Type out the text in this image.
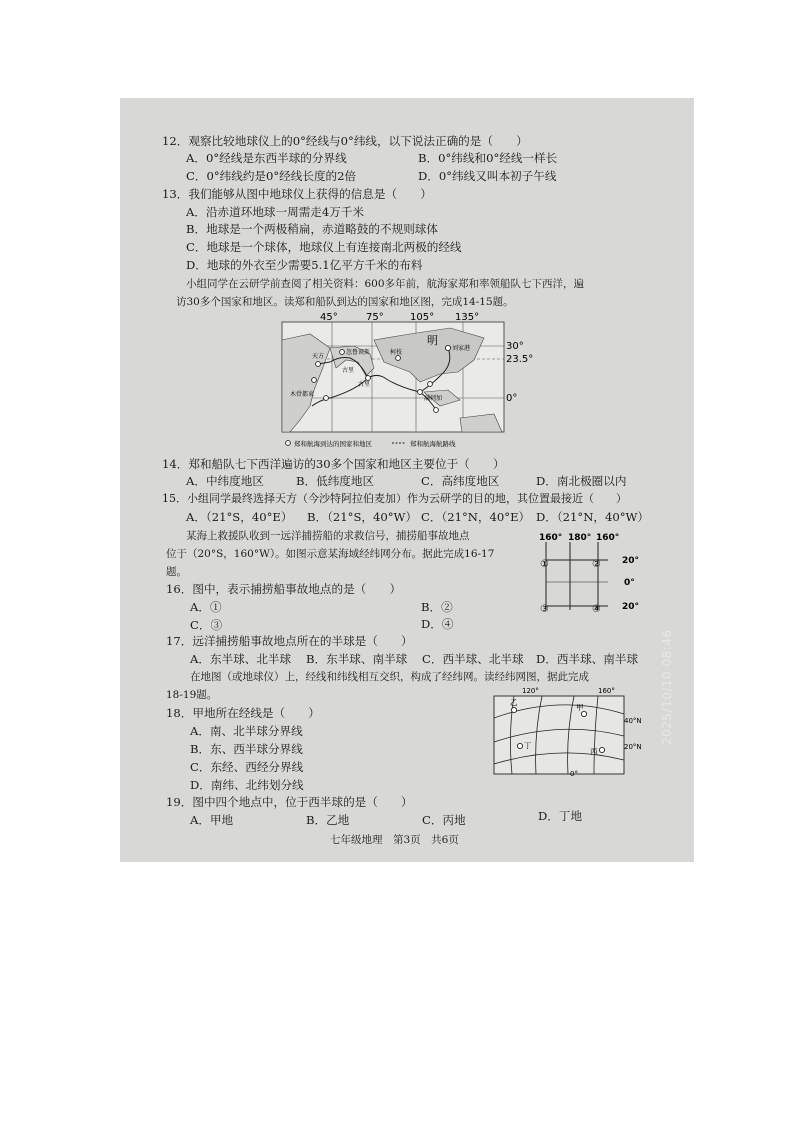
12．观察比较地球仪上的0°经线与0°纬线，以下说法正确的是（　　）
A．0°经线是东西半球的分界线	B．0°纬线和0°经线一样长
C．0°纬线约是0°经线长度的2倍	D．0°纬线又叫本初子午线
13．我们能够从图中地球仪上获得的信息是（　　）
A．沿赤道环地球一周需走4万千米
B．地球是一个两极稍扁，赤道略鼓的不规则球体
C．地球是一个球体，地球仪上有连接南北两极的经线
D．地球的外衣至少需要5.1亿平方千米的布料
小组同学在云研学前查阅了相关资料：600多年前，航海家郑和率领船队七下西洋，遍
访30多个国家和地区。读郑和船队到达的国家和地区图，完成14-15题。
45°	75°	105° 135°
30°
23.5°
0°
明
刘家港
天方
忽鲁谟斯	柯枝
古里
木骨都束
满剌加
古里
郑和航海到达的国家和地区	郑和航海航路线
14．郑和船队七下西洋遍访的30多个国家和地区主要位于（　　）
A．中纬度地区	B．低纬度地区	C．高纬度地区	D．南北极圈以内
15．小组同学最终选择天方（今沙特阿拉伯麦加）作为云研学的目的地，其位置最接近（　　）
A．（21°S，40°E） B．（21°S，40°W） C．（21°N，40°E） D．（21°N，40°W）
某海上救援队收到一远洋捕捞船的求救信号，捕捞船事故地点
位于（20°S，160°W）。如图示意某海域经纬网分布。据此完成16-17
题。
160° 180° 160°
20°
0°
20°
①	②
③	④
16．图中，表示捕捞船事故地点的是（　　）
A．①	B．②
C．③	D．④
17．远洋捕捞船事故地点所在的半球是（　　）
A．东半球、北半球 B．东半球、南半球 C．西半球、北半球 D．西半球、南半球
在地图（或地球仪）上，经线和纬线相互交织，构成了经纬网。读经纬网图，据此完成
18-19题。	120°	160°
40°N
20°N
0°
乙
甲
丁
丙
18．甲地所在经线是（　　）
A．南、北半球分界线
B．东、西半球分界线
C．东经、西经分界线
D．南纬、北纬划分线
19．图中四个地点中，位于西半球的是（　　）
A．甲地	B．乙地	C．丙地	D．丁地
七年级地理　第3页　共6页
2025/10/10 08:46
